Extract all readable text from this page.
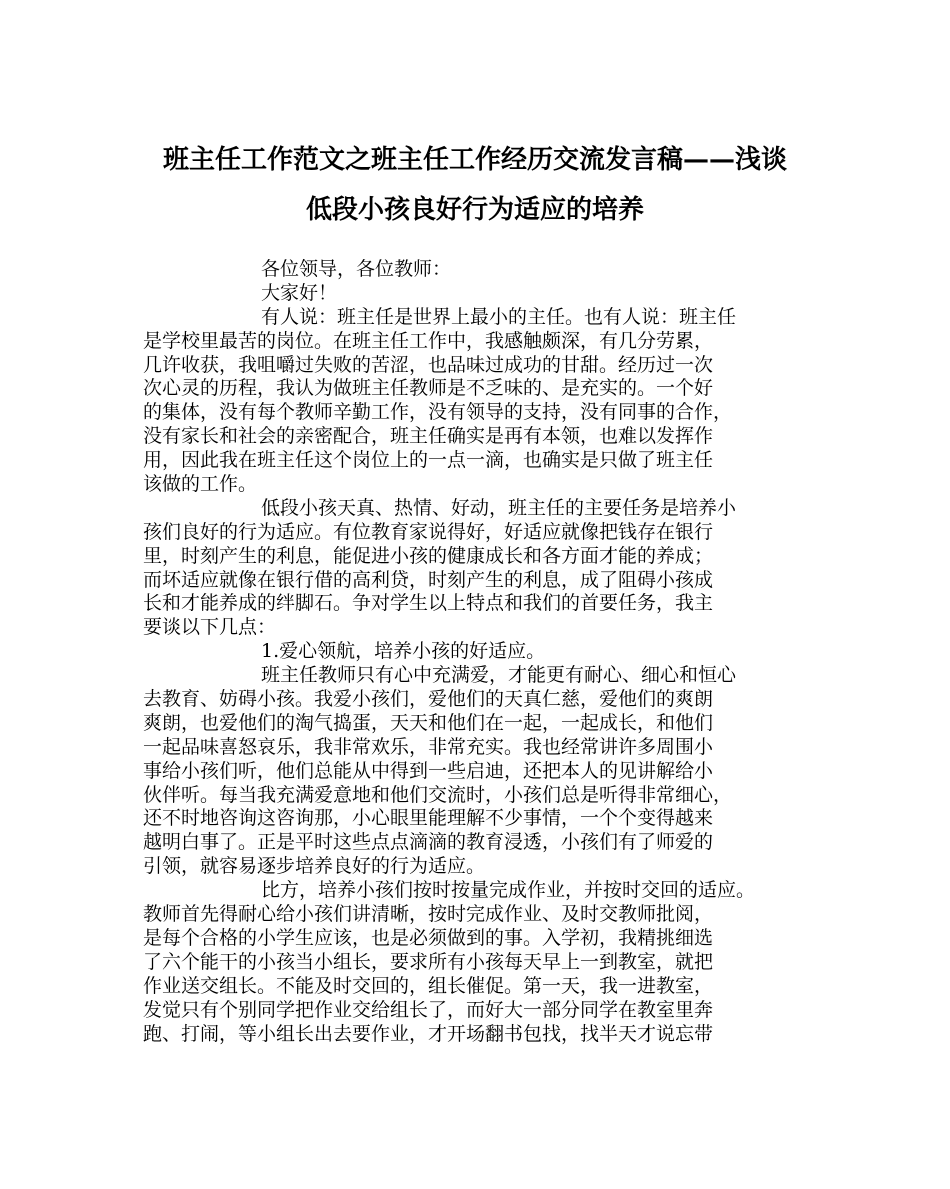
班主任工作范文之班主任工作经历交流发言稿——浅谈
低段小孩良好行为适应的培养
各位领导，各位教师：
大家好！
有人说：班主任是世界上最小的主任。也有人说：班主任
是学校里最苦的岗位。在班主任工作中，我感触颇深，有几分劳累，
几许收获，我咀嚼过失败的苦涩，也品味过成功的甘甜。经历过一次
次心灵的历程，我认为做班主任教师是不乏味的、是充实的。一个好
的集体，没有每个教师辛勤工作，没有领导的支持，没有同事的合作，
没有家长和社会的亲密配合，班主任确实是再有本领，也难以发挥作
用，因此我在班主任这个岗位上的一点一滴，也确实是只做了班主任
该做的工作。
低段小孩天真、热情、好动，班主任的主要任务是培养小
孩们良好的行为适应。有位教育家说得好，好适应就像把钱存在银行
里，时刻产生的利息，能促进小孩的健康成长和各方面才能的养成；
而坏适应就像在银行借的高利贷，时刻产生的利息，成了阻碍小孩成
长和才能养成的绊脚石。争对学生以上特点和我们的首要任务，我主
要谈以下几点：
1.爱心领航，培养小孩的好适应。
班主任教师只有心中充满爱，才能更有耐心、细心和恒心
去教育、妨碍小孩。我爱小孩们，爱他们的天真仁慈，爱他们的爽朗
爽朗，也爱他们的淘气捣蛋，天天和他们在一起，一起成长，和他们
一起品味喜怒哀乐，我非常欢乐，非常充实。我也经常讲许多周围小
事给小孩们听，他们总能从中得到一些启迪，还把本人的见讲解给小
伙伴听。每当我充满爱意地和他们交流时，小孩们总是听得非常细心，
还不时地咨询这咨询那，小心眼里能理解不少事情，一个个变得越来
越明白事了。正是平时这些点点滴滴的教育浸透，小孩们有了师爱的
引领，就容易逐步培养良好的行为适应。
比方，培养小孩们按时按量完成作业，并按时交回的适应。
教师首先得耐心给小孩们讲清晰，按时完成作业、及时交教师批阅，
是每个合格的小学生应该，也是必须做到的事。入学初，我精挑细选
了六个能干的小孩当小组长，要求所有小孩每天早上一到教室，就把
作业送交组长。不能及时交回的，组长催促。第一天，我一进教室，
发觉只有个别同学把作业交给组长了，而好大一部分同学在教室里奔
跑、打闹，等小组长出去要作业，才开场翻书包找，找半天才说忘带
